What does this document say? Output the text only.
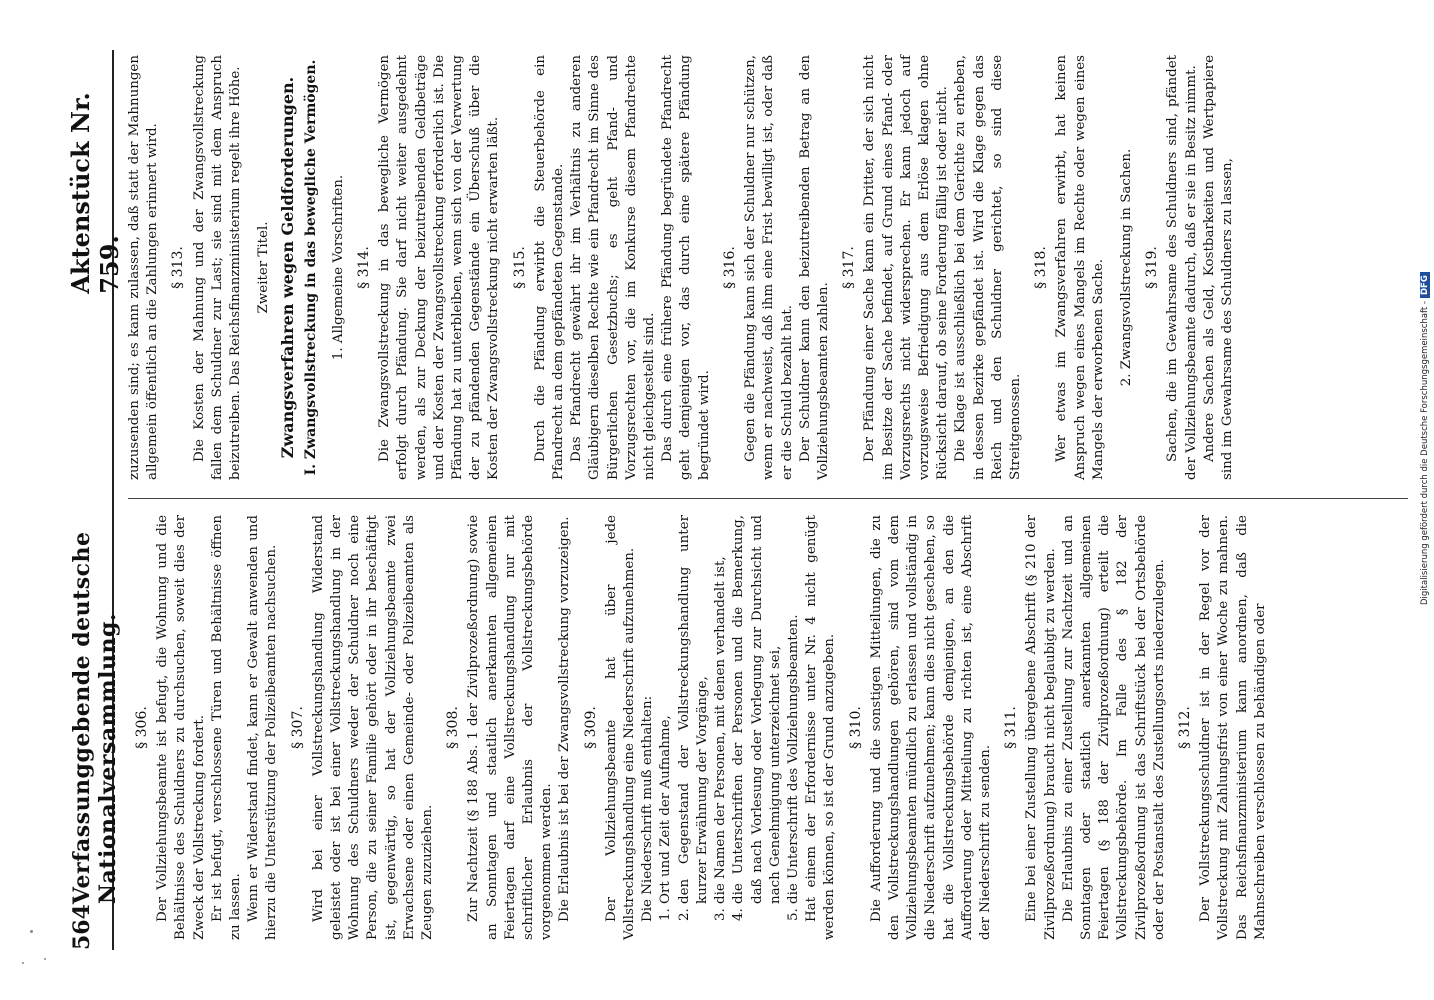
564
Verfassunggebende deutsche Nationalversammlung.
Aktenstück Nr. 759.
§ 306. Der Vollziehungsbeamte ist befugt, die Wohnung und die Behältnisse des Schuldners zu durchsuchen, soweit dies der Zweck der Vollstreckung fordert. Er ist befugt, verschlossene Türen und Behältnisse öffnen zu lassen. Wenn er Widerstand findet, kann er Gewalt anwenden und hierzu die Unterstützung der Polizeibeamten nachsuchen. § 307. Wird bei einer Vollstreckungshandlung Widerstand geleistet oder ist bei einer Vollstreckungshandlung in der Wohnung des Schuldners weder der Schuldner noch eine Person, die zu seiner Familie gehört oder in ihr beschäftigt ist, gegenwärtig, so hat der Vollziehungsbeamte zwei Erwachsene oder einen Gemeinde- oder Polizeibeamten als Zeugen zuzuziehen.

§ 308. Zur Nachtzeit (§ 188 Abs. 1 der Zivilprozeßordnung) sowie an Sonntagen und staatlich anerkannten allgemeinen Feiertagen darf eine Vollstreckungshandlung nur mit schriftlicher Erlaubnis der Vollstreckungsbehörde vorgenommen werden. Die Erlaubnis ist bei der Zwangsvollstreckung vorzuzeigen. § 309. Der Vollziehungsbeamte hat über jede Vollstreckungshandlung eine Niederschrift aufzunehmen. Die Niederschrift muß enthalten: 1. Ort und Zeit der Aufnahme, 2. den Gegenstand der Vollstreckungshandlung unter kurzer Erwähnung der Vorgänge, 3. die Namen der Personen, mit denen verhandelt ist, 4. die Unterschriften der Personen und die Bemerkung, daß nach Vorlesung oder Vorlegung zur Durchsicht und nach Genehmigung unterzeichnet sei, 5. die Unterschrift des Vollziehungsbeamten. Hat einem der Erfordernisse unter Nr. 4 nicht genügt werden können, so ist der Grund anzugeben. § 310. Die Aufforderung und die sonstigen Mitteilungen, die zu den Vollstreckungshandlungen gehören, sind vom dem Vollziehungsbeamten mündlich zu erlassen und vollständig in die Niederschrift aufzunehmen; kann dies nicht geschehen, so hat die Vollstreckungsbehörde demjenigen, an den die Aufforderung oder Mitteilung zu richten ist, eine Abschrift der Niederschrift zu senden.

§ 311. Eine bei einer Zustellung übergebene Abschrift (§ 210 der Zivilprozeßordnung) braucht nicht beglaubigt zu werden. Die Erlaubnis zu einer Zustellung zur Nachtzeit und an Sonntagen oder staatlich anerkannten allgemeinen Feiertagen (§ 188 der Zivilprozeßordnung) erteilt die Vollstreckungsbehörde. Im Falle des § 182 der Zivilprozeßordnung ist das Schriftstück bei der Ortsbehörde oder der Postanstalt des Zustellungsorts niederzulegen. § 312. Der Vollstreckungsschuldner ist in der Regel vor der Vollstreckung mit Zahlungsfrist von einer Woche zu mahnen. Das Reichsfinanzministerium kann anordnen, daß die Mahnschreiben verschlossen zu behändigen oder

zuzusenden sind; es kann zulassen, daß statt der Mahnungen allgemein öffentlich an die Zahlungen erinnert wird. § 313. Die Kosten der Mahnung und der Zwangsvollstreckung fallen dem Schuldner zur Last; sie sind mit dem Anspruch beizutreiben. Das Reichsfinanzministerium regelt ihre Höhe. Zweiter Titel. Zwangsverfahren wegen Geldforderungen. I. Zwangsvollstreckung in das bewegliche Vermögen. 1. Allgemeine Vorschriften. § 314. Die Zwangsvollstreckung in das bewegliche Vermögen erfolgt durch Pfändung. Sie darf nicht weiter ausgedehnt werden, als zur Deckung der beizutreibenden Geldbeträge und der Kosten der Zwangsvollstreckung erforderlich ist. Die Pfändung hat zu unterbleiben, wenn sich von der Verwertung der zu pfändenden Gegenstände ein Überschuß über die Kosten der Zwangsvollstreckung nicht erwarten läßt. § 315. Durch die Pfändung erwirbt die Steuerbehörde ein Pfandrecht an dem gepfändeten Gegenstande. Das Pfandrecht gewährt ihr im Verhältnis zu anderen Gläubigern dieselben Rechte wie ein Pfandrecht im Sinne des Bürgerlichen Gesetzbuchs; es geht Pfand- und Vorzugsrechten vor, die im Konkurse diesem Pfandrechte nicht gleichgestellt sind. Das durch eine frühere Pfändung begründete Pfandrecht geht demjenigen vor, das durch eine spätere Pfändung begründet wird.

§ 316. Gegen die Pfändung kann sich der Schuldner nur schützen, wenn er nachweist, daß ihm eine Frist bewilligt ist, oder daß er die Schuld bezahlt hat. Der Schuldner kann den beizutreibenden Betrag an den Vollziehungsbeamten zahlen.

§ 317. Der Pfändung einer Sache kann ein Dritter, der sich nicht im Besitze der Sache befindet, auf Grund eines Pfand- oder Vorzugsrechts nicht widersprechen. Er kann jedoch auf vorzugsweise Befriedigung aus dem Erlöse klagen ohne Rücksicht darauf, ob seine Forderung fällig ist oder nicht. Die Klage ist ausschließlich bei dem Gerichte zu erheben, in dessen Bezirke gepfändet ist. Wird die Klage gegen das Reich und den Schuldner gerichtet, so sind diese Streitgenossen.

§ 318. Wer etwas im Zwangsverfahren erwirbt, hat keinen Anspruch wegen eines Mangels im Rechte oder wegen eines Mangels der erworbenen Sache. 2. Zwangsvollstreckung in Sachen. § 319. Sachen, die im Gewahrsame des Schuldners sind, pfändet der Vollziehungsbeamte dadurch, daß er sie in Besitz nimmt. Andere Sachen als Geld, Kostbarkeiten und Wertpapiere sind im Gewahrsame des Schuldners zu lassen,	Digitalisierung gefördert durch die Deutsche Forschungsgemeinschaft -DFG
